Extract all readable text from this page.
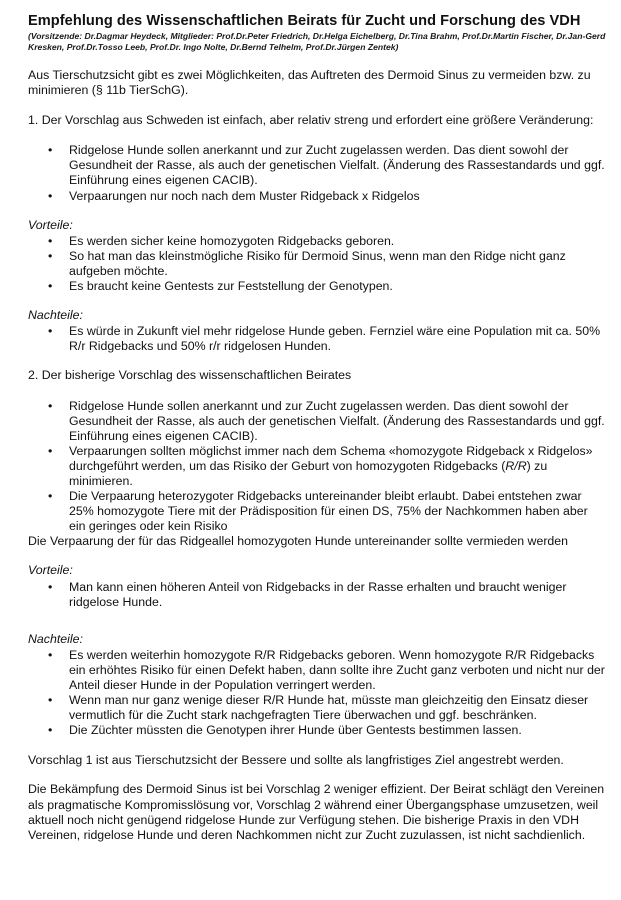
Empfehlung des Wissenschaftlichen Beirats für Zucht und Forschung des VDH
(Vorsitzende: Dr.Dagmar Heydeck, Mitglieder: Prof.Dr.Peter Friedrich, Dr.Helga Eichelberg, Dr.Tina Brahm, Prof.Dr.Martin Fischer, Dr.Jan-Gerd Kresken, Prof.Dr.Tosso Leeb, Prof.Dr. Ingo Nolte, Dr.Bernd Telhelm, Prof.Dr.Jürgen Zentek)

Aus Tierschutzsicht gibt es zwei Möglichkeiten, das Auftreten des Dermoid Sinus zu vermeiden bzw. zu minimieren (§ 11b TierSchG).

1. Der Vorschlag aus Schweden ist einfach, aber relativ streng und erfordert eine größere Veränderung:

• Ridgelose Hunde sollen anerkannt und zur Zucht zugelassen werden. Das dient sowohl der Gesundheit der Rasse, als auch der genetischen Vielfalt. (Änderung des Rassestandards und ggf. Einführung eines eigenen CACIB).
• Verpaarungen nur noch nach dem Muster Ridgeback x Ridgelos

Vorteile:

• Es werden sicher keine homozygoten Ridgebacks geboren.
• So hat man das kleinstmögliche Risiko für Dermoid Sinus, wenn man den Ridge nicht ganz aufgeben möchte.
• Es braucht keine Gentests zur Feststellung der Genotypen.

Nachteile:

• Es würde in Zukunft viel mehr ridgelose Hunde geben. Fernziel wäre eine Population mit ca. 50% R/r Ridgebacks und 50% r/r ridgelosen Hunden.

2. Der bisherige Vorschlag des wissenschaftlichen Beirates

• Ridgelose Hunde sollen anerkannt und zur Zucht zugelassen werden. Das dient sowohl der Gesundheit der Rasse, als auch der genetischen Vielfalt. (Änderung des Rassestandards und ggf. Einführung eines eigenen CACIB).
• Verpaarungen sollten möglichst immer nach dem Schema «homozygote Ridgeback x Ridgelos» durchgeführt werden, um das Risiko der Geburt von homozygoten Ridgebacks (R/R) zu minimieren.
• Die Verpaarung heterozygoter Ridgebacks untereinander bleibt erlaubt. Dabei entstehen zwar 25% homozygote Tiere mit der Prädisposition für einen DS, 75% der Nachkommen haben aber ein geringes oder kein Risiko

Die Verpaarung der für das Ridgeallel homozygoten Hunde untereinander sollte vermieden werden

Vorteile:

• Man kann einen höheren Anteil von Ridgebacks in der Rasse erhalten und braucht weniger ridgelose Hunde.

Nachteile:

• Es werden weiterhin homozygote R/R Ridgebacks geboren. Wenn homozygote R/R Ridgebacks ein erhöhtes Risiko für einen Defekt haben, dann sollte ihre Zucht ganz verboten und nicht nur der Anteil dieser Hunde in der Population verringert werden.
• Wenn man nur ganz wenige dieser R/R Hunde hat, müsste man gleichzeitig den Einsatz dieser vermutlich für die Zucht stark nachgefragten Tiere überwachen und ggf. beschränken.
• Die Züchter müssten die Genotypen ihrer Hunde über Gentests bestimmen lassen.

Vorschlag 1 ist aus Tierschutzsicht der Bessere und sollte als langfristiges Ziel angestrebt werden.

Die Bekämpfung des Dermoid Sinus ist bei Vorschlag 2 weniger effizient. Der Beirat schlägt den Vereinen als pragmatische Kompromisslösung vor, Vorschlag 2 während einer Übergangsphase umzusetzen, weil aktuell noch nicht genügend ridgelose Hunde zur Verfügung stehen. Die bisherige Praxis in den VDH Vereinen, ridgelose Hunde und deren Nachkommen nicht zur Zucht zuzulassen, ist nicht sachdienlich.
